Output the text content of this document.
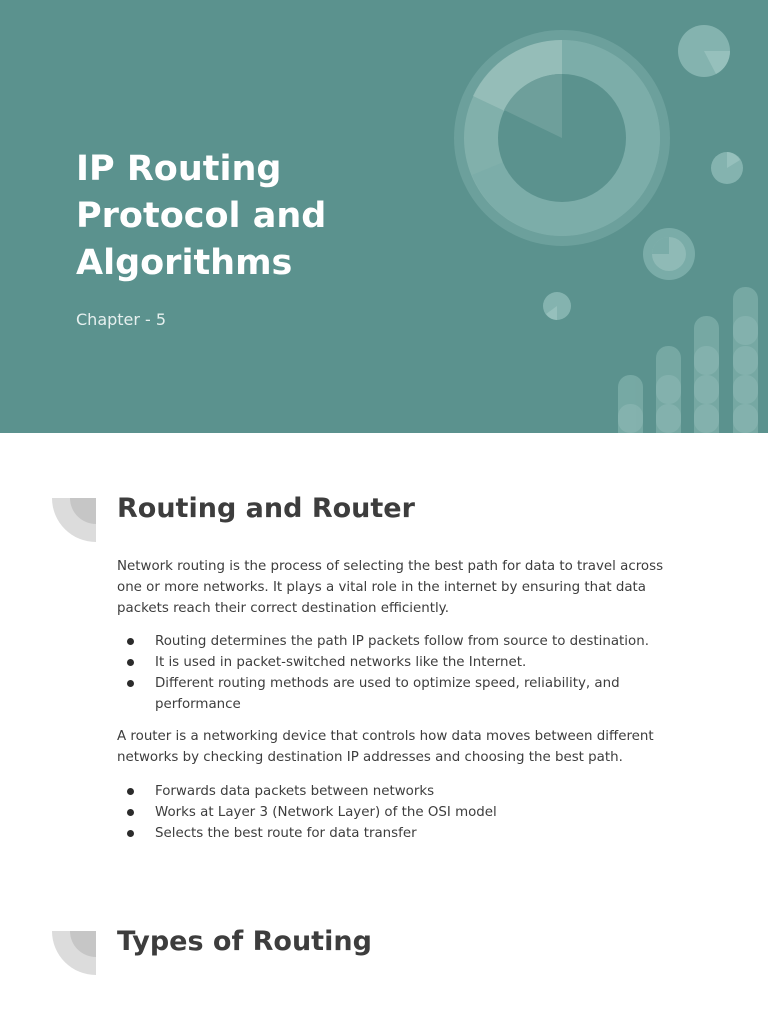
IP Routing
Protocol and
Algorithms

Chapter - 5

Routing and Router

Network routing is the process of selecting the best path for data to travel across one or more networks. It plays a vital role in the internet by ensuring that data packets reach their correct destination efficiently.

Routing determines the path IP packets follow from source to destination.
It is used in packet-switched networks like the Internet.
Different routing methods are used to optimize speed, reliability, and performance

A router is a networking device that controls how data moves between different networks by checking destination IP addresses and choosing the best path.

Forwards data packets between networks
Works at Layer 3 (Network Layer) of the OSI model
Selects the best route for data transfer
Types of Routing
